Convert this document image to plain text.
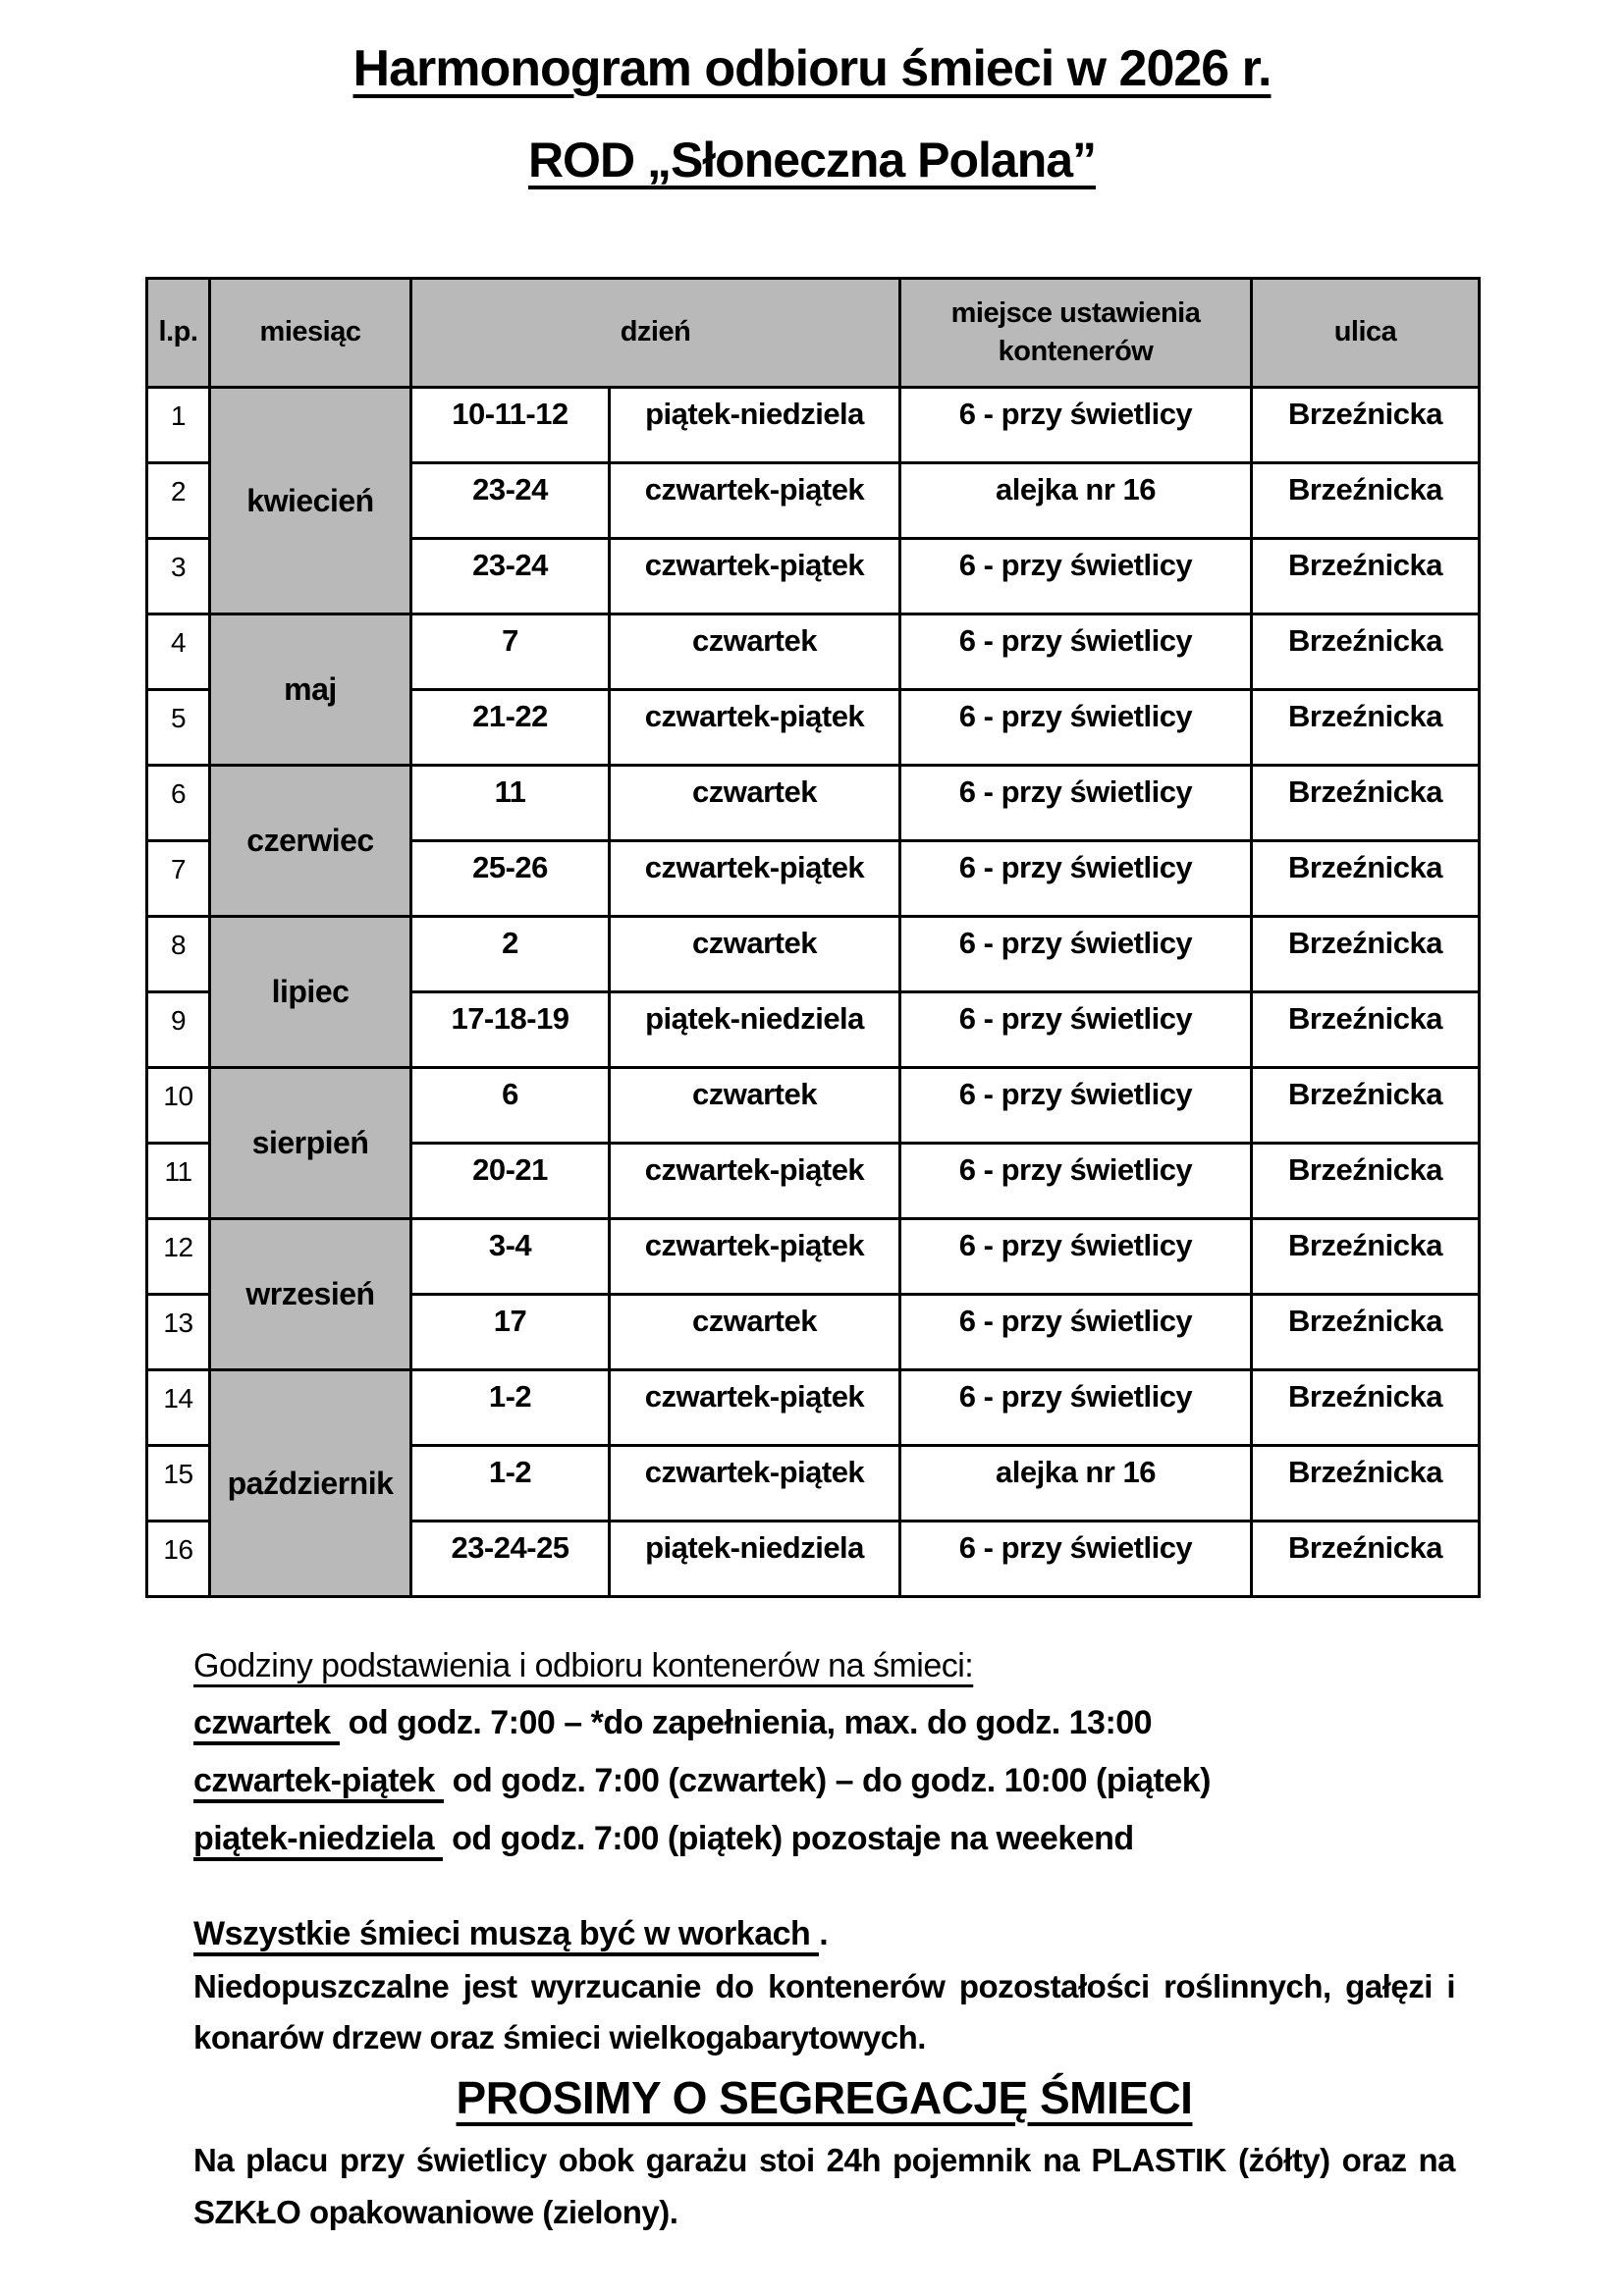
Harmonogram odbioru śmieci w 2026 r.
ROD „Słoneczna Polana”
l.p.	miesiąc	dzień		miejsce ustawienia kontenerów	ulica
1	kwiecień	10-11-12	piątek-niedziela	6 - przy świetlicy	Brzeźnicka
2		23-24	czwartek-piątek	alejka nr 16	Brzeźnicka
3		23-24	czwartek-piątek	6 - przy świetlicy	Brzeźnicka
4	maj	7	czwartek	6 - przy świetlicy	Brzeźnicka
5		21-22	czwartek-piątek	6 - przy świetlicy	Brzeźnicka
6	czerwiec	11	czwartek	6 - przy świetlicy	Brzeźnicka
7		25-26	czwartek-piątek	6 - przy świetlicy	Brzeźnicka
8	lipiec	2	czwartek	6 - przy świetlicy	Brzeźnicka
9		17-18-19	piątek-niedziela	6 - przy świetlicy	Brzeźnicka
10	sierpień	6	czwartek	6 - przy świetlicy	Brzeźnicka
11		20-21	czwartek-piątek	6 - przy świetlicy	Brzeźnicka
12	wrzesień	3-4	czwartek-piątek	6 - przy świetlicy	Brzeźnicka
13		17	czwartek	6 - przy świetlicy	Brzeźnicka
14	październik	1-2	czwartek-piątek	6 - przy świetlicy	Brzeźnicka
15		1-2	czwartek-piątek	alejka nr 16	Brzeźnicka
16		23-24-25	piątek-niedziela	6 - przy świetlicy	Brzeźnicka

Godziny podstawienia i odbioru kontenerów na śmieci:

czwartek od godz. 7:00 – *do zapełnienia, max. do godz. 13:00

czwartek-piątek od godz. 7:00 (czwartek) – do godz. 10:00 (piątek)

piątek-niedziela od godz. 7:00 (piątek) pozostaje na weekend

Wszystkie śmieci muszą być w workach .

Niedopuszczalne jest wyrzucanie do kontenerów pozostałości roślinnych, gałęzi i konarów drzew oraz śmieci wielkogabarytowych.

PROSIMY O SEGREGACJĘ ŚMIECI

Na placu przy świetlicy obok garażu stoi 24h pojemnik na PLASTIK (żółty) oraz na SZKŁO opakowaniowe (zielony).
